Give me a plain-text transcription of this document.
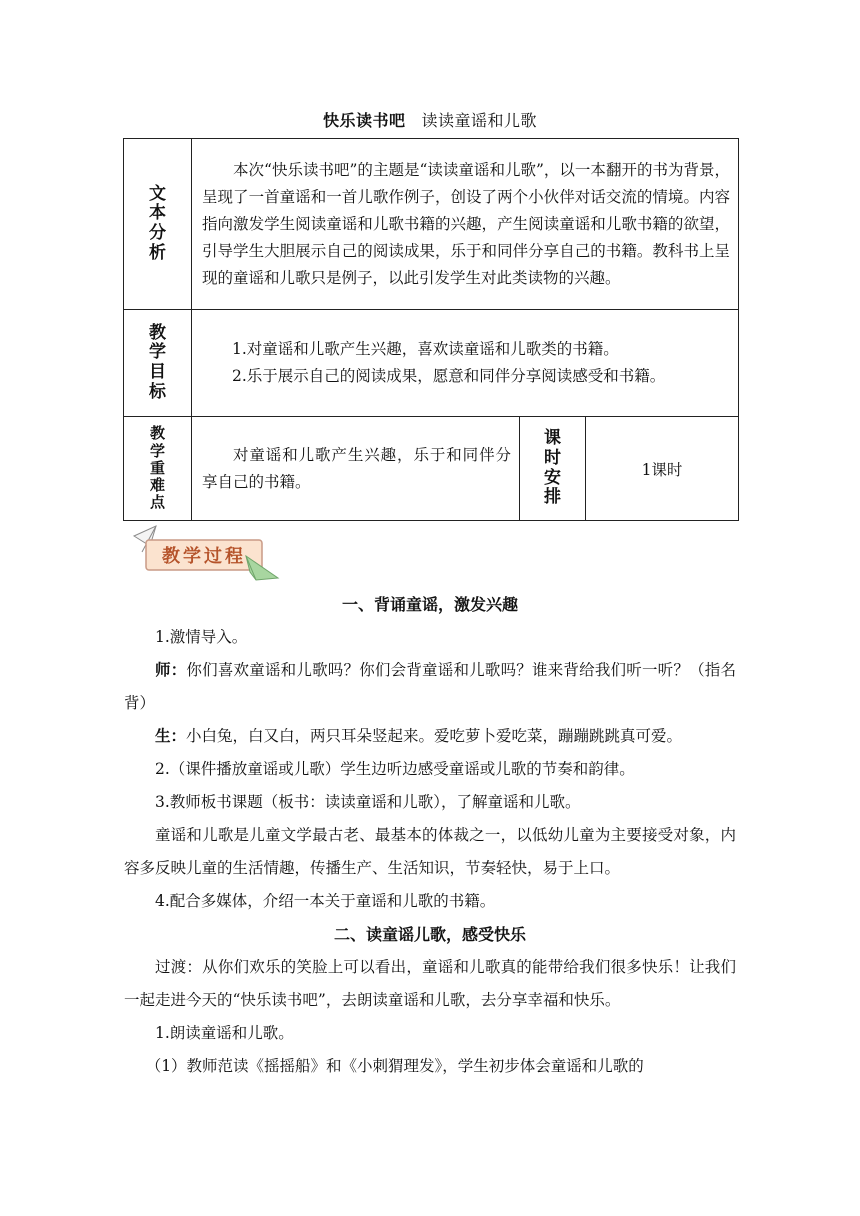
快乐读书吧 读读童谣和儿歌
文本分析	本次“快乐读书吧”的主题是“读读童谣和儿歌”，以一本翻开的书为背景，呈现了一首童谣和一首儿歌作例子，创设了两个小伙伴对话交流的情境。内容指向激发学生阅读童谣和儿歌书籍的兴趣，产生阅读童谣和儿歌书籍的欲望，引导学生大胆展示自己的阅读成果，乐于和同伴分享自己的书籍。教科书上呈现的童谣和儿歌只是例子，以此引发学生对此类读物的兴趣。		

教学目标	1.对童谣和儿歌产生兴趣，喜欢读童谣和儿歌类的书籍。
2.乐于展示自己的阅读成果，愿意和同伴分享阅读感受和书籍。		

教学重难点	对童谣和儿歌产生兴趣，乐于和同伴分享自己的书籍。	课时安排	1课时
教学过程
一、背诵童谣，激发兴趣

1.激情导入。

师：你们喜欢童谣和儿歌吗？你们会背童谣和儿歌吗？谁来背给我们听一听？（指名背）

生：小白兔，白又白，两只耳朵竖起来。爱吃萝卜爱吃菜，蹦蹦跳跳真可爱。

2.（课件播放童谣或儿歌）学生边听边感受童谣或儿歌的节奏和韵律。

3.教师板书课题（板书：读读童谣和儿歌），了解童谣和儿歌。

童谣和儿歌是儿童文学最古老、最基本的体裁之一，以低幼儿童为主要接受对象，内容多反映儿童的生活情趣，传播生产、生活知识，节奏轻快，易于上口。

4.配合多媒体，介绍一本关于童谣和儿歌的书籍。

二、读童谣儿歌，感受快乐

过渡：从你们欢乐的笑脸上可以看出，童谣和儿歌真的能带给我们很多快乐！让我们一起走进今天的“快乐读书吧”，去朗读童谣和儿歌，去分享幸福和快乐。

1.朗读童谣和儿歌。

（1）教师范读《摇摇船》和《小刺猬理发》，学生初步体会童谣和儿歌的
